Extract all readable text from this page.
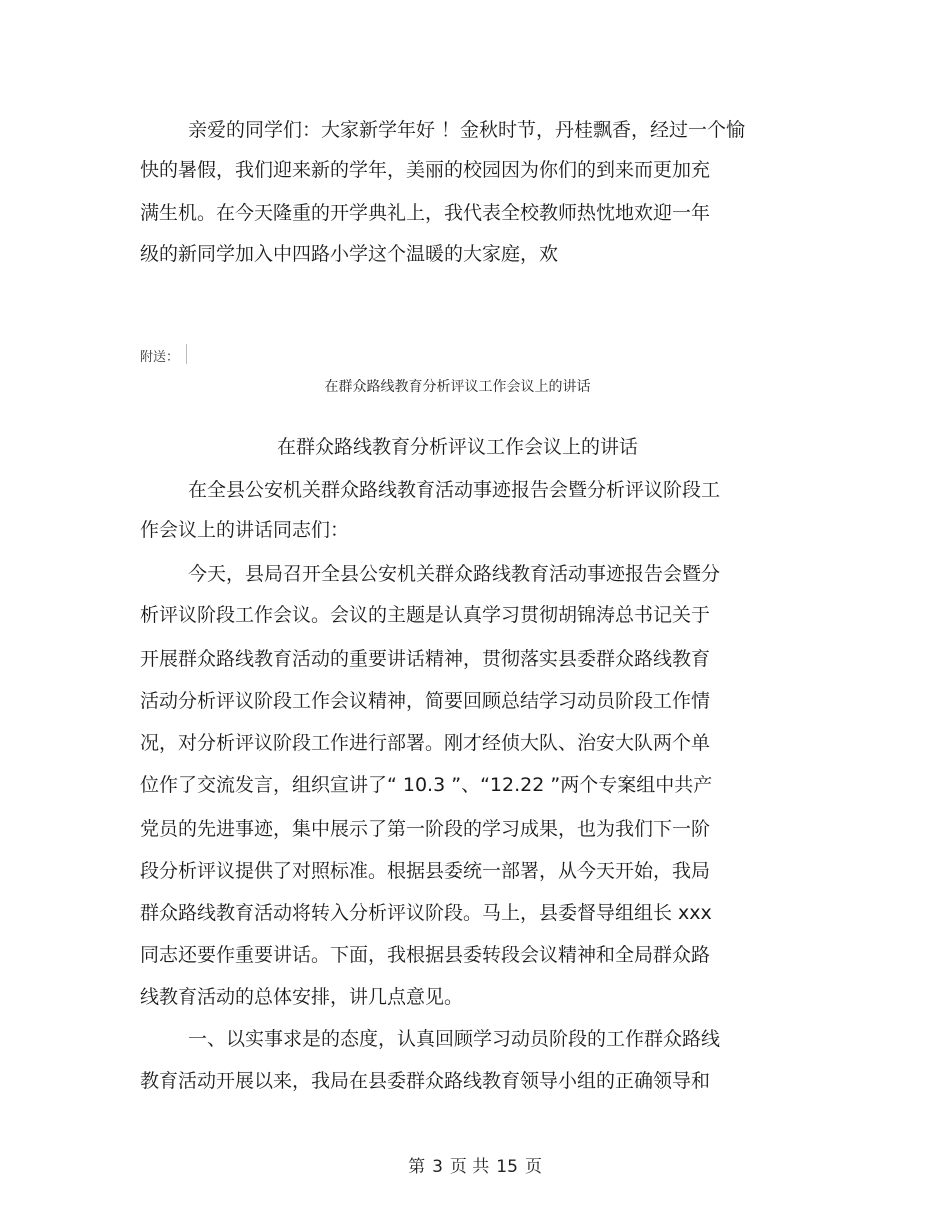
亲爱的同学们：大家新学年好 ！金秋时节，丹桂飘香，经过一个愉
快的暑假，我们迎来新的学年，美丽的校园因为你们的到来而更加充
满生机。在今天隆重的开学典礼上，我代表全校教师热忱地欢迎一年
级的新同学加入中四路小学这个温暖的大家庭，欢
附送：
在群众路线教育分析评议工作会议上的讲话
在群众路线教育分析评议工作会议上的讲话
在全县公安机关群众路线教育活动事迹报告会暨分析评议阶段工
作会议上的讲话同志们：
今天，县局召开全县公安机关群众路线教育活动事迹报告会暨分
析评议阶段工作会议。会议的主题是认真学习贯彻胡锦涛总书记关于
开展群众路线教育活动的重要讲话精神，贯彻落实县委群众路线教育
活动分析评议阶段工作会议精神，简要回顾总结学习动员阶段工作情
况，对分析评议阶段工作进行部署。刚才经侦大队、治安大队两个单
位作了交流发言，组织宣讲了“ 10.3 ”、“12.22 ”两个专案组中共产
党员的先进事迹，集中展示了第一阶段的学习成果，也为我们下一阶
段分析评议提供了对照标准。根据县委统一部署，从今天开始，我局
群众路线教育活动将转入分析评议阶段。马上，县委督导组组长 xxx
同志还要作重要讲话。下面，我根据县委转段会议精神和全局群众路
线教育活动的总体安排，讲几点意见。
一、以实事求是的态度，认真回顾学习动员阶段的工作群众路线
教育活动开展以来，我局在县委群众路线教育领导小组的正确领导和
第 3 页 共 15 页
